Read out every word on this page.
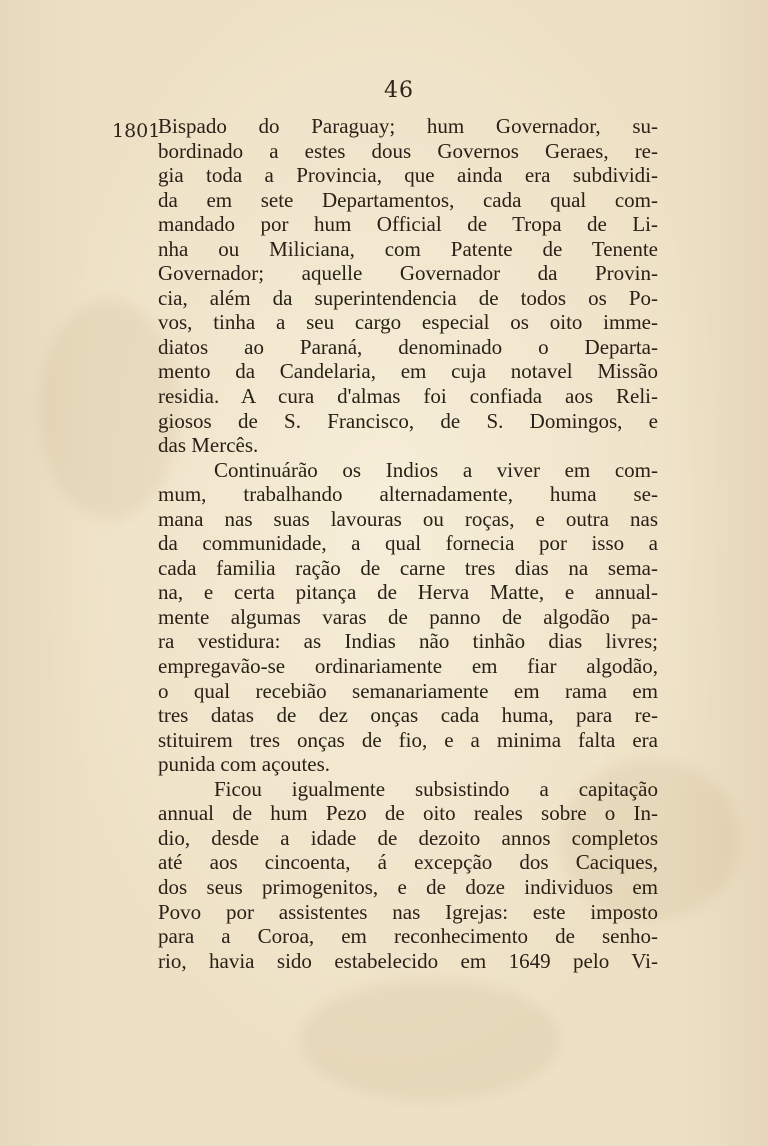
46
1801
Bispado do Paraguay; hum Governador, su-
bordinado a estes dous Governos Geraes, re-
gia toda a Provincia, que ainda era subdividi-
da em sete Departamentos, cada qual com-
mandado por hum Official de Tropa de Li-
nha ou Miliciana, com Patente de Tenente
Governador; aquelle Governador da Provin-
cia, além da superintendencia de todos os Po-
vos, tinha a seu cargo especial os oito imme-
diatos ao Paraná, denominado o Departa-
mento da Candelaria, em cuja notavel Missão
residia. A cura d'almas foi confiada aos Reli-
giosos de S. Francisco, de S. Domingos, e
das Mercês.
Continuárão os Indios a viver em com-
mum, trabalhando alternadamente, huma se-
mana nas suas lavouras ou roças, e outra nas
da communidade, a qual fornecia por isso a
cada familia ração de carne tres dias na sema-
na, e certa pitança de Herva Matte, e annual-
mente algumas varas de panno de algodão pa-
ra vestidura: as Indias não tinhão dias livres;
empregavão-se ordinariamente em fiar algodão,
o qual recebião semanariamente em rama em
tres datas de dez onças cada huma, para re-
stituirem tres onças de fio, e a minima falta era
punida com açoutes.
Ficou igualmente subsistindo a capitação
annual de hum Pezo de oito reales sobre o In-
dio, desde a idade de dezoito annos completos
até aos cincoenta, á excepção dos Caciques,
dos seus primogenitos, e de doze individuos em
Povo por assistentes nas Igrejas: este imposto
para a Coroa, em reconhecimento de senho-
rio, havia sido estabelecido em 1649 pelo Vi-
